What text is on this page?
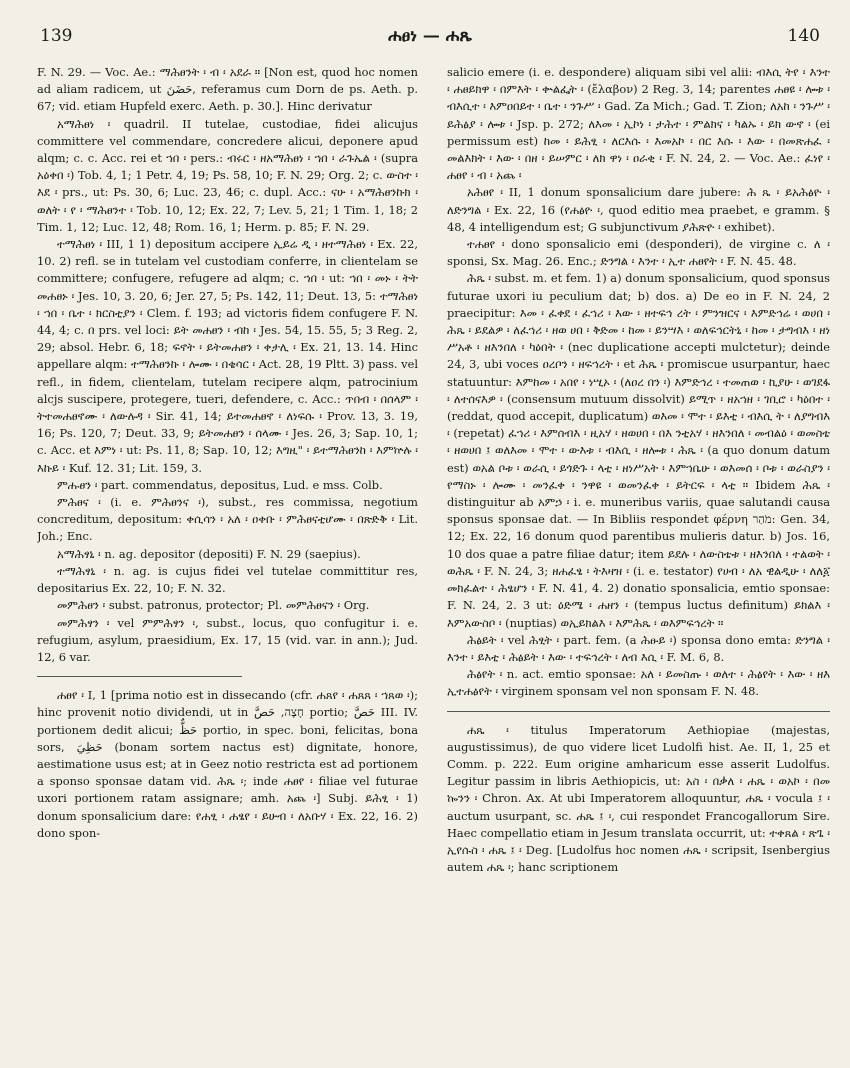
139	ሐፀነ — ሐጼ	140

F. N. 29. — Voc. Ae.: ማሕፀንት ፡ ብ ፡ አደራ ። [Non est, quod hoc nomen ad aliam radicem, ut حَضَنَ, referamus cum Dorn de ps. Aeth. p. 67; vid. etiam Hupfeld exerc. Aeth. p. 30.]. Hinc derivatur

አማሕፀነ ፡ quadril. II tutelae, custodiae, fidei alicujus committere vel commendare, concredere alicui, deponere apud alqm; c. c. Acc. rei et ኀበ ፡ pers.: ብሩር ፡ ዘአማሕፀነ ፡ ኀበ ፡ ራጉኤል ፡ (supra አዕቀበ ፡) Tob. 4, 1; 1 Petr. 4, 19; Ps. 58, 10; F. N. 29; Org. 2; c. ውስተ ፡ እደ ፡ prs., ut: Ps. 30, 6; Luc. 23, 46; c. dupl. Acc.: ናሁ ፡ አማሕፀንኩክ ፡ ወለት ፡ የ ፡ ማሕፀንተ ፡ Tob. 10, 12; Ex. 22, 7; Lev. 5, 21; 1 Tim. 1, 18; 2 Tim. 1, 12; Luc. 12, 48; Rom. 16, 1; Herm. p. 85; F. N. 29.

ተማሕፀነ ፡ III, 1 1) depositum accipere ኢይሬ ዲ ፡ ዘተማሕፀነ ፡ Ex. 22, 10. 2) refl. se in tutelam vel custodiam conferre, in clientelam se committere; confugere, refugere ad alqm; c. ኀበ ፡ ut: ኀበ ፡ መኑ ፡ ትት መሐፀኑ ፡ Jes. 10, 3. 20, 6; Jer. 27, 5; Ps. 142, 11; Deut. 13, 5: ተማሕፀነ ፡ ኀበ ፡ ቤተ ፡ ክርስቲያን ፡ Clem. f. 193; ad victoris fidem confugere F. N. 44, 4; c. በ prs. vel loci: ይት መሐፀን ፡ ብከ ፡ Jes. 54, 15. 55, 5; 3 Reg. 2, 29; absol. Hebr. 6, 18; ፍኖት ፡ ይትመሐፀን ፡ ቀታሊ ፡ Ex. 21, 13. 14. Hinc appellare alqm: ተማሕፀንኩ ፡ ሎሙ ፡ በቄሳር ፡ Act. 28, 19 Pltt. 3) pass. vel refl., in fidem, clientelam, tutelam recipere alqm, patrocinium alcjs suscipere, protegere, tueri, defendere, c. Acc.: ጥበብ ፡ በሰላም ፡ ትተመሐፀኖሙ ፡ ለውሉዳ ፡ Sir. 41, 14; ይተመሐፀኖ ፡ ለነፍሱ ፡ Prov. 13, 3. 19, 16; Ps. 120, 7; Deut. 33, 9; ይትመሐፀን ፡ ሰላሙ ፡ Jes. 26, 3; Sap. 10, 1; c. Acc. et እምነ ፡ ut: Ps. 11, 8; Sap. 10, 12; እግዚ" ፡ ይተማሕፀንከ ፡ እምኵሉ ፡ እኩይ ፡ Kuf. 12. 31; Lit. 159, 3.

ምሑፀን ፡ part. commendatus, depositus, Lud. e mss. Colb.

ምሕፀና ፡ (i. e. ምሕፀንና ፡), subst., res commissa, negotium concreditum, depositum: ቀሲሳን ፡ አለ ፡ ዐቀቡ ፡ ምሕፀናቲሆሙ ፡ በጽድቅ ፡ Lit. Joh.; Enc.

አማሕፃኒ ፡ n. ag. depositor (depositi) F. N. 29 (saepius).

ተማሕፃኒ ፡ n. ag. is cujus fidei vel tutelae committitur res, depositarius Ex. 22, 10; F. N. 32.

መምሕፀን ፡ subst. patronus, protector; Pl. መምሕፀናን ፡ Org.

መምሕፃን ፡ vel ምምሕፃን ፡, subst., locus, quo confugitur i. e. refugium, asylum, praesidium, Ex. 17, 15 (vid. var. in ann.); Jud. 12, 6 var.

ሐፀየ ፡ I, 1 [prima notio est in dissecando (cfr. ሐጸየ ፡ ሐጸጸ ፡ ኀጸወ ፡); hinc provenit notio dividendi, ut in חָצָה, حَصَّ portio; حَصَّ III. IV. portionem dedit alicui; حَظٌّ portio, in spec. boni, felicitas, bona sors, حَظِيَ (bonam sortem nactus est) dignitate, honore, aestimatione usus est; at in Geez notio restricta est ad portionem a sponso sponsae datam vid. ሕጼ ፡; inde ሐፀየ ፡ filiae vel futurae uxori portionem ratam assignare; amh. አጨ ፡] Subj. ይሕፂ ፡ 1) donum sponsalicium dare: የሐፂ ፡ ሐፄየ ፡ ይሁብ ፡ ለአቡሃ ፡ Ex. 22, 16. 2) dono spon-

salicio emere (i. e. despondere) aliquam sibi vel alii: ብእሲ ትየ ፡ እንተ ፡ ሐፀይክዋ ፡ በምእት ፡ ቍልፌት ፡ (ἔλαβον) 2 Reg. 3, 14; parentes ሐፀዩ ፡ ሎቱ ፡ ብእሲተ ፡ እምዐበይተ ፡ ቤተ ፡ ንጉሥ ፡ Gad. Za Mich.; Gad. T. Zion; ለአከ ፡ ንጉሥ ፡ ይሕፅያ ፡ ሎቱ ፡ Jsp. p. 272; ለእመ ፡ ኢኮነ ፡ ታሕተ ፡ ምልክና ፡ ካልኡ ፡ ይክ ውኖ ፡ (ei permissum est) ከመ ፡ ይሕፂ ፡ ለርእሱ ፡ እመአኮ ፡ በር እሱ ፡ እው ፡ በመጽሐፈ ፡ መልእክት ፡ እው ፡ በዘ ፡ ይሠምር ፡ ለክ ዋነ ፡ ዐራቂ ፡ F. N. 24, 2. — Voc. Ae.: ፈነየ ፡ ሐፀየ ፡ ብ ፡ አጨ ፡

አሕፀየ ፡ II, 1 donum sponsalicium dare jubere: ሕ ጼ ፡ ይአሕፅዮ ፡ ለድንግል ፡ Ex. 22, 16 (የሐፅዮ ፡, quod editio mea praebet, e gramm. § 48, 4 intelligendum est; G subjunctivum ያሕጽዮ ፡ exhibet).

ተሐፀየ ፡ dono sponsalicio emi (desponderi), de virgine c. ለ ፡ sponsi, Sx. Mag. 26. Enc.; ድንግል ፡ እንተ ፡ ኢተ ሐፀየት ፡ F. N. 45. 48.

ሕጼ ፡ subst. m. et fem. 1) a) donum sponsalicium, quod sponsus futurae uxori iu peculium dat; b) dos. a) De eo in F. N. 24, 2 praecipitur: እመ ፡ ፈቀደ ፡ ፈኀሪ ፡ እው ፡ ዘተፍኅ ረት ፡ ምንዝርና ፡ እምድኅሬ ፡ ወሀበ ፡ ሕጼ ፡ ይደልዎ ፡ ለፈኀሪ ፡ ዘወ ሀበ ፡ ቅድመ ፡ ከመ ፡ ይንሣእ ፡ ወለፍኅርትኒ ፡ ከመ ፡ ታግብእ ፡ ዘነ ሥአቶ ፡ ዘእንበለ ፡ ካዕበት ፡ (nec duplicatione accepti mulctetur); deinde 24, 3, ubi voces ዐረቦን ፡ ዘፍኀረት ፡ et ሕጼ ፡ promiscue usurpantur, haec statuuntur: እምከመ ፡ አበየ ፡ ነሢኦ ፡ (ለዐረ በን ፡) እምድኅረ ፡ ተመጠወ ፡ ኪያሁ ፡ ወገደፋ ፡ ለተሰናእዎ ፡ (consensum mutuum dissolvit) ይሚጥ ፡ ዘአኀዘ ፡ ገቢሮ ፡ ካዕበተ ፡ (reddat, quod accepit, duplicatum) ወእመ ፡ ሞተ ፡ ይእቲ ፡ ብእሲ ት ፡ ለያግብእ ፡ (repetat) ፈኀሪ ፡ እምሰብእ ፡ ዚአሃ ፡ ዘወሀበ ፡ በእ ንቲአሃ ፡ ዘእንበለ ፡ መብልዕ ፡ ወመስቴ ፡ ዘወሀበ ፤ ወለእመ ፡ ሞተ ፡ ውእቱ ፡ ብእሲ ፡ ዘሎቱ ፡ ሕጼ ፡ (a quo donum datum est) ወአል ቦቱ ፡ ወራሲ ፡ ይጎድጉ ፡ ላቲ ፡ ዘነሥአት ፡ እምኀቤሁ ፡ ወእመሰ ፡ ቦቱ ፡ ወራስያን ፡ የማስኑ ፡ ሎሙ ፡ መንፈቀ ፡ ንዋዩ ፡ ወመንፈቀ ፡ ይትርፍ ፡ ላቲ ። Ibidem ሕጼ ፡ distinguitur ab አምኃ ፡ i. e. muneribus variis, quae salutandi causa sponsus sponsae dat. — In Bibliis respondet φέρνη מֹהַר: Gen. 34, 12; Ex. 22, 16 donum quod parentibus mulieris datur. b) Jos. 16, 10 dos quae a patre filiae datur; item ይደሉ ፡ ለውስቴቱ ፡ ዘእንበለ ፡ ተልወት ፡ ወሕጼ ፡ F. N. 24, 3; ዘሐፈፄ ፡ ትእዛዝ ፡ (i. e. testator) የሀብ ፡ ለአ ዊልዲሁ ፡ ለለ፩ መክፈልተ ፡ ሕፄሆን ፡ F. N. 41, 4. 2) donatio sponsalicia, emtio sponsae: F. N. 24, 2. 3 ut: ዕድሜ ፡ ሐዘን ፡ (tempus luctus definitum) ይክልእ ፡ እምአውስቦ ፡ (nuptias) ወኢይክልእ ፡ እምሕጼ ፡ ወእምፍኅረት ።

ሕፅይት ፡ vel ሕፂት ፡ part. fem. (a ሕፁይ ፡) sponsa dono emta: ድንግል ፡ እንተ ፡ ይእቲ ፡ ሕፅይት ፡ እው ፡ ተፍኅረት ፡ ለብ እሲ ፡ F. M. 6, 8.

ሕፅየት ፡ n. act. emtio sponsae: አለ ፡ ይመስጡ ፡ ወለተ ፡ ሕፅየት ፡ እው ፡ ዘእ ኢተሐፅየት ፡ virginem sponsam vel non sponsam F. N. 48.

ሐጼ ፡ titulus Imperatorum Aethiopiae (majestas, augustissimus), de quo videre licet Ludolfi hist. Ae. II, 1, 25 et Comm. p. 222. Eum origine amharicum esse asserit Ludolfus. Legitur passim in libris Aethiopicis, ut: አስ ፡ በቃለ ፡ ሐጼ ፡ ወአኮ ፡ በመ ኰንን ፡ Chron. Ax. At ubi Imperatorem alloquuntur, ሐጼ ፡ vocula ፤ ፡ auctum usurpant, sc. ሐጼ ፤ ፡, cui respondet Francogallorum Sire. Haec compellatio etiam in Jesum translata occurrit, ut: ተቀጸል ፡ ጽጌ ፡ ኢየሱስ ፡ ሐጼ ፤ ፡ Deg. [Ludolfus hoc nomen ሐጼ ፡ scripsit, Isenbergius autem ሐጼ ፡; hanc scriptionem
